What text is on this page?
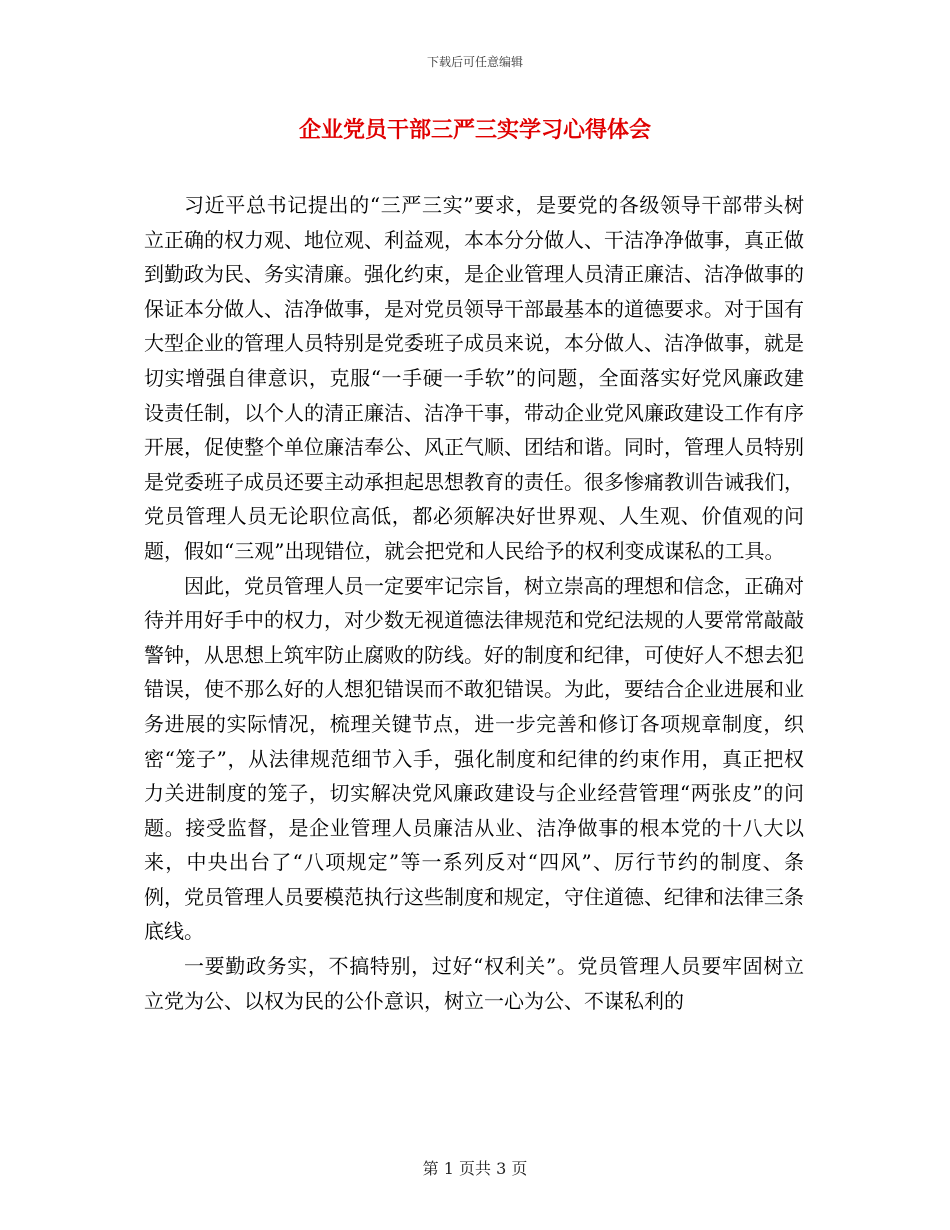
下载后可任意编辑
企业党员干部三严三实学习心得体会

习近平总书记提出的“三严三实”要求，是要党的各级领导干部带头树立正确的权力观、地位观、利益观，本本分分做人、干洁净净做事，真正做到勤政为民、务实清廉。强化约束，是企业管理人员清正廉洁、洁净做事的保证本分做人、洁净做事，是对党员领导干部最基本的道德要求。对于国有大型企业的管理人员特别是党委班子成员来说，本分做人、洁净做事，就是切实增强自律意识，克服“一手硬一手软”的问题，全面落实好党风廉政建设责任制，以个人的清正廉洁、洁净干事，带动企业党风廉政建设工作有序开展，促使整个单位廉洁奉公、风正气顺、团结和谐。同时，管理人员特别是党委班子成员还要主动承担起思想教育的责任。很多惨痛教训告诫我们，党员管理人员无论职位高低，都必须解决好世界观、人生观、价值观的问题，假如“三观”出现错位，就会把党和人民给予的权利变成谋私的工具。

因此，党员管理人员一定要牢记宗旨，树立崇高的理想和信念，正确对待并用好手中的权力，对少数无视道德法律规范和党纪法规的人要常常敲敲警钟，从思想上筑牢防止腐败的防线。好的制度和纪律，可使好人不想去犯错误，使不那么好的人想犯错误而不敢犯错误。为此，要结合企业进展和业务进展的实际情况，梳理关键节点，进一步完善和修订各项规章制度，织密“笼子”，从法律规范细节入手，强化制度和纪律的约束作用，真正把权力关进制度的笼子，切实解决党风廉政建设与企业经营管理“两张皮”的问题。接受监督，是企业管理人员廉洁从业、洁净做事的根本党的十八大以来，中央出台了“八项规定”等一系列反对“四风”、厉行节约的制度、条例，党员管理人员要模范执行这些制度和规定，守住道德、纪律和法律三条底线。

一要勤政务实，不搞特别，过好“权利关”。党员管理人员要牢固树立立党为公、以权为民的公仆意识，树立一心为公、不谋私利的

第 1 页共 3 页
